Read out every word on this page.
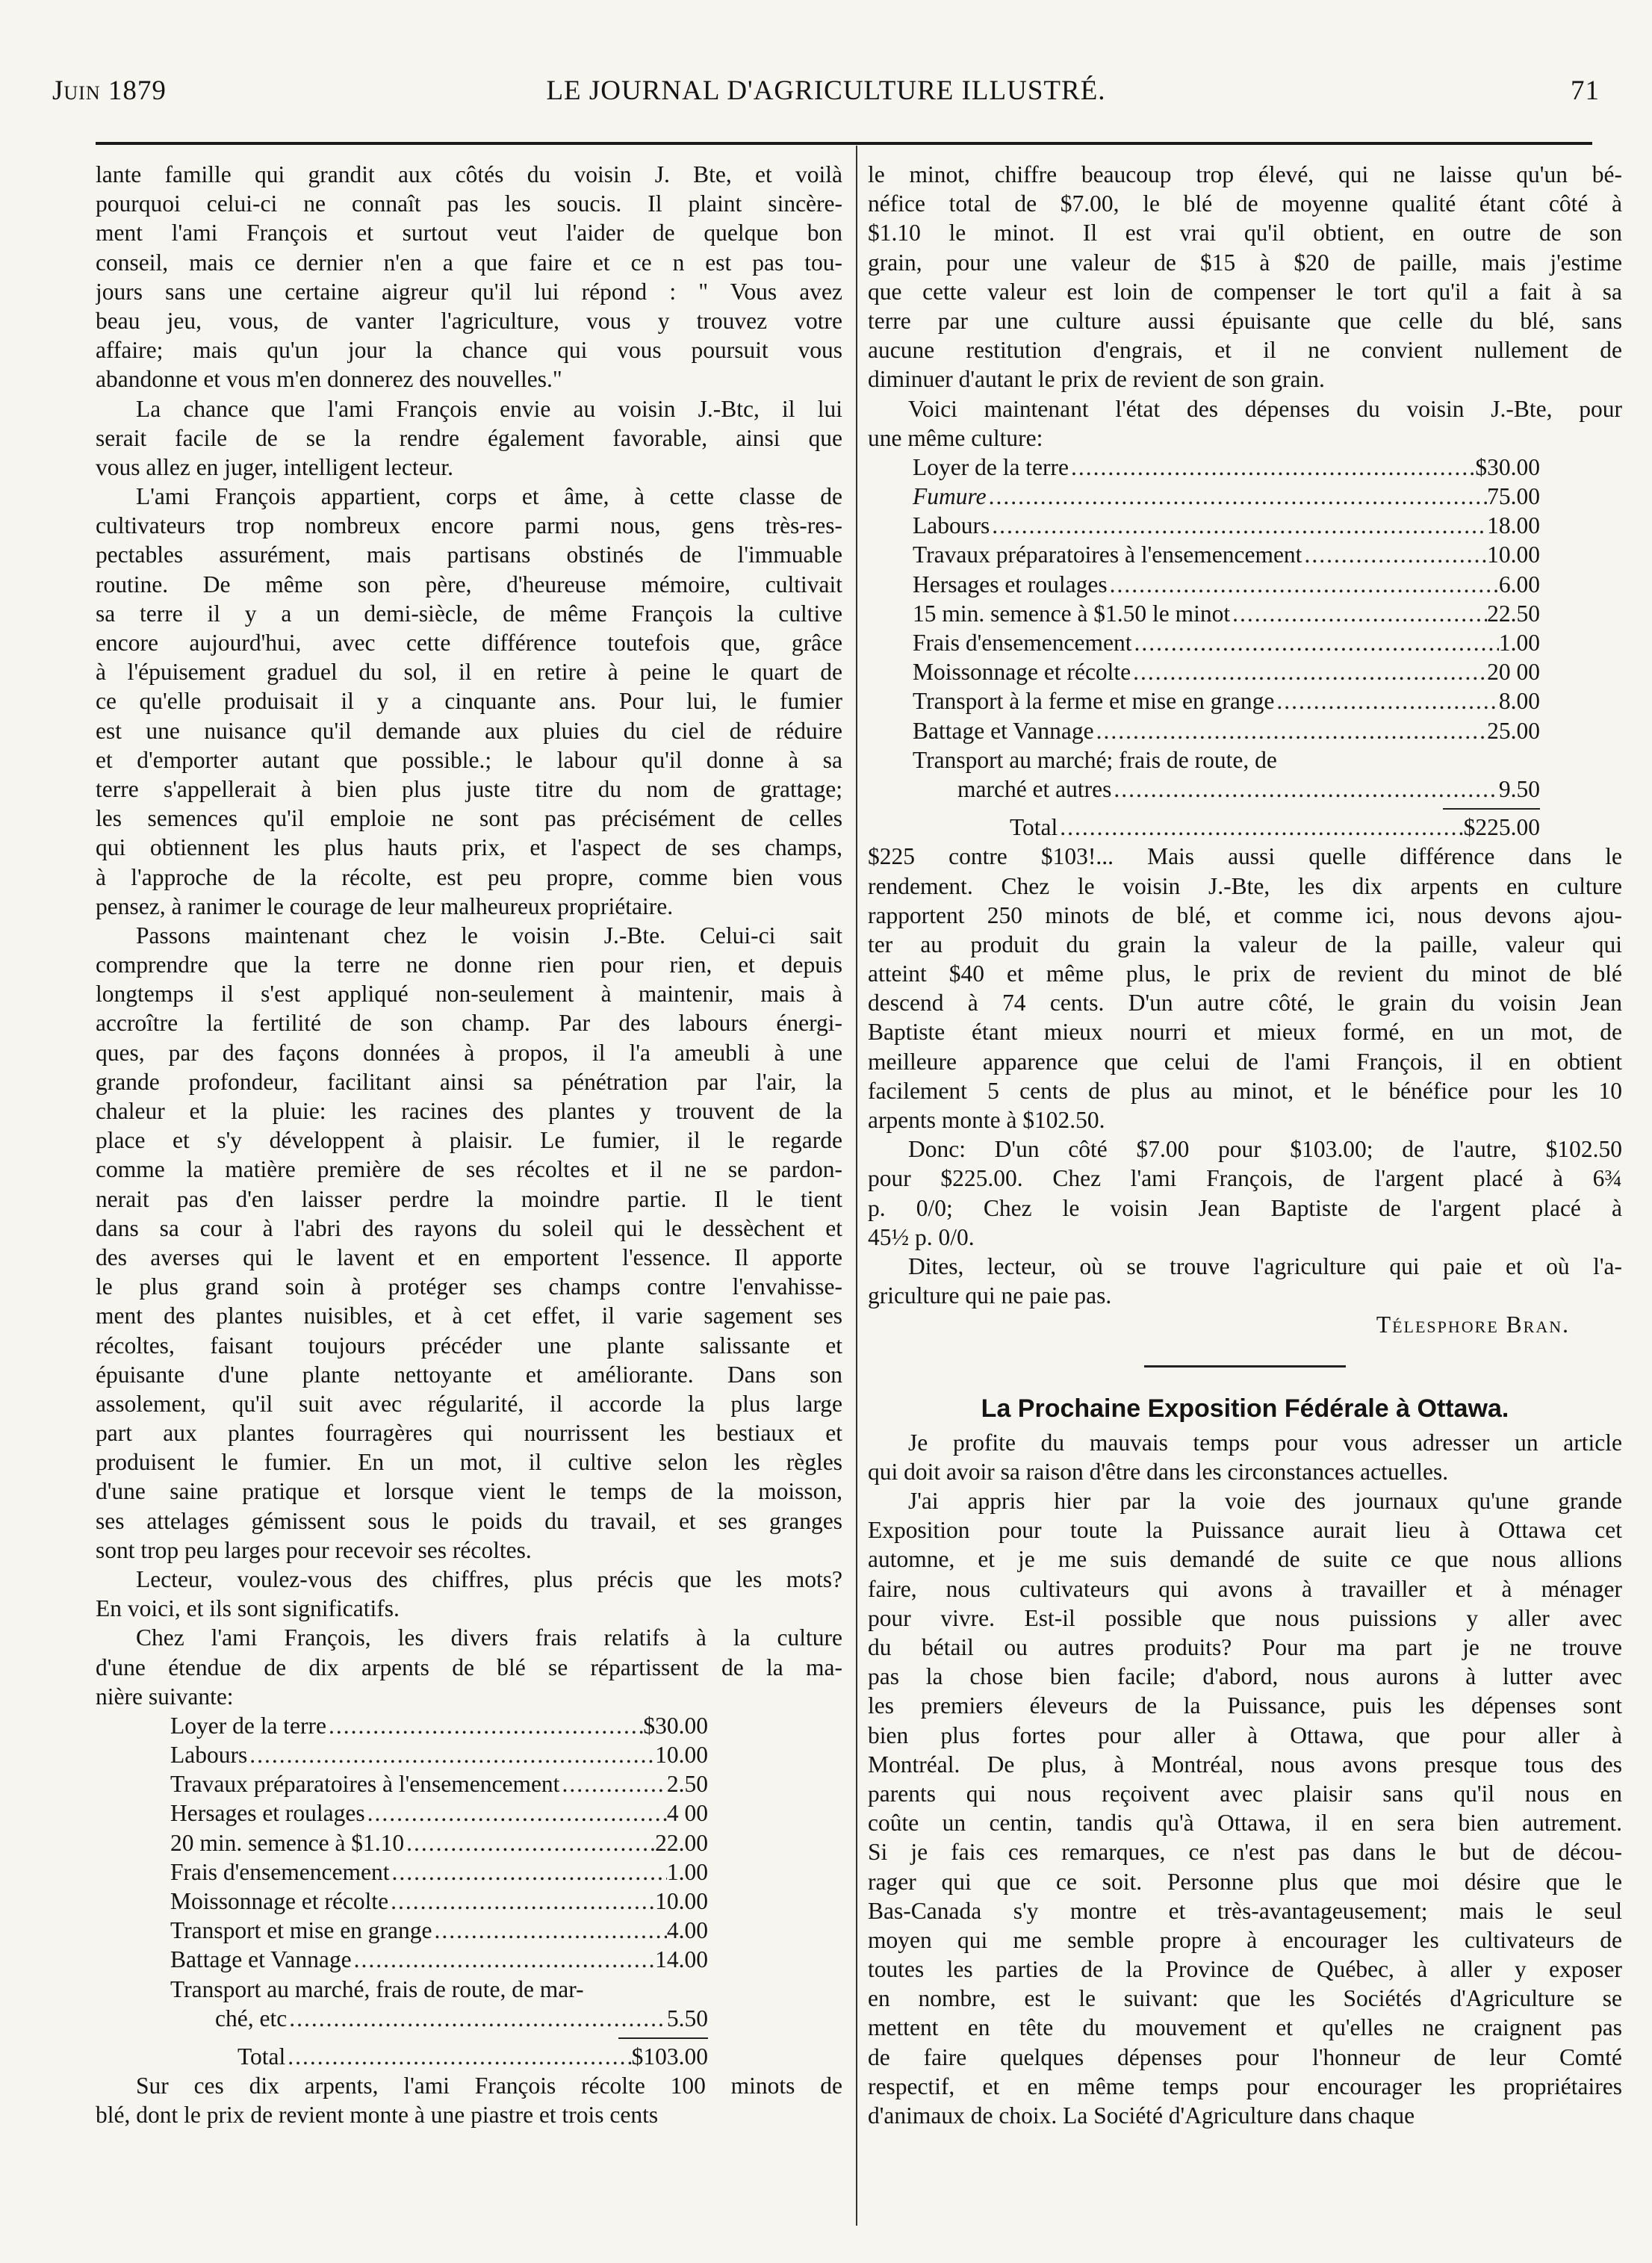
Juin 1879	LE JOURNAL D'AGRICULTURE ILLUSTRÉ.	71
lante famille qui grandit aux côtés du voisin J. Bte, et voilà
pourquoi celui-ci ne connaît pas les soucis. Il plaint sincère-
ment l'ami François et surtout veut l'aider de quelque bon
conseil, mais ce dernier n'en a que faire et ce n est pas tou-
jours sans une certaine aigreur qu'il lui répond : " Vous avez
beau jeu, vous, de vanter l'agriculture, vous y trouvez votre
affaire; mais qu'un jour la chance qui vous poursuit vous
abandonne et vous m'en donnerez des nouvelles."
La chance que l'ami François envie au voisin J.-Btc, il lui
serait facile de se la rendre également favorable, ainsi que
vous allez en juger, intelligent lecteur.
L'ami François appartient, corps et âme, à cette classe de
cultivateurs trop nombreux encore parmi nous, gens très-res-
pectables assurément, mais partisans obstinés de l'immuable
routine. De même son père, d'heureuse mémoire, cultivait
sa terre il y a un demi-siècle, de même François la cultive
encore aujourd'hui, avec cette différence toutefois que, grâce
à l'épuisement graduel du sol, il en retire à peine le quart de
ce qu'elle produisait il y a cinquante ans. Pour lui, le fumier
est une nuisance qu'il demande aux pluies du ciel de réduire
et d'emporter autant que possible.; le labour qu'il donne à sa
terre s'appellerait à bien plus juste titre du nom de grattage;
les semences qu'il emploie ne sont pas précisément de celles
qui obtiennent les plus hauts prix, et l'aspect de ses champs,
à l'approche de la récolte, est peu propre, comme bien vous
pensez, à ranimer le courage de leur malheureux propriétaire.
Passons maintenant chez le voisin J.-Bte. Celui-ci sait
comprendre que la terre ne donne rien pour rien, et depuis
longtemps il s'est appliqué non-seulement à maintenir, mais à
accroître la fertilité de son champ. Par des labours énergi-
ques, par des façons données à propos, il l'a ameubli à une
grande profondeur, facilitant ainsi sa pénétration par l'air, la
chaleur et la pluie: les racines des plantes y trouvent de la
place et s'y développent à plaisir. Le fumier, il le regarde
comme la matière première de ses récoltes et il ne se pardon-
nerait pas d'en laisser perdre la moindre partie. Il le tient
dans sa cour à l'abri des rayons du soleil qui le dessèchent et
des averses qui le lavent et en emportent l'essence. Il apporte
le plus grand soin à protéger ses champs contre l'envahisse-
ment des plantes nuisibles, et à cet effet, il varie sagement ses
récoltes, faisant toujours précéder une plante salissante et
épuisante d'une plante nettoyante et améliorante. Dans son
assolement, qu'il suit avec régularité, il accorde la plus large
part aux plantes fourragères qui nourrissent les bestiaux et
produisent le fumier. En un mot, il cultive selon les règles
d'une saine pratique et lorsque vient le temps de la moisson,
ses attelages gémissent sous le poids du travail, et ses granges
sont trop peu larges pour recevoir ses récoltes.
Lecteur, voulez-vous des chiffres, plus précis que les mots?
En voici, et ils sont significatifs.
Chez l'ami François, les divers frais relatifs à la culture
d'une étendue de dix arpents de blé se répartissent de la ma-
nière suivante:
Loyer de la terre .....	$30.00
Labours .....	10.00
Travaux préparatoires à l'ensemencement .....	2.50
Hersages et roulages .....	4 00
20 min. semence à $1.10 .....	22.00
Frais d'ensemencement .....	1.00
Moissonnage et récolte .....	10.00
Transport et mise en grange .....	4.00
Battage et Vannage .....	14.00
Transport au marché, frais de route, de mar-
ché, etc .....	5.50
Total .....	$103.00
Sur ces dix arpents, l'ami François récolte 100 minots de
blé, dont le prix de revient monte à une piastre et trois cents
le minot, chiffre beaucoup trop élevé, qui ne laisse qu'un bé-
néfice total de $7.00, le blé de moyenne qualité étant côté à
$1.10 le minot. Il est vrai qu'il obtient, en outre de son
grain, pour une valeur de $15 à $20 de paille, mais j'estime
que cette valeur est loin de compenser le tort qu'il a fait à sa
terre par une culture aussi épuisante que celle du blé, sans
aucune restitution d'engrais, et il ne convient nullement de
diminuer d'autant le prix de revient de son grain.
Voici maintenant l'état des dépenses du voisin J.-Bte, pour
une même culture:
Loyer de la terre .....	$30.00
Fumure .....	75.00
Labours .....	18.00
Travaux préparatoires à l'ensemencement .....	10.00
Hersages et roulages .....	6.00
15 min. semence à $1.50 le minot .....	22.50
Frais d'ensemencement .....	1.00
Moissonnage et récolte .....	20 00
Transport à la ferme et mise en grange .....	8.00
Battage et Vannage .....	25.00
Transport au marché; frais de route, de
marché et autres .....	9.50
Total .....	$225.00
$225 contre $103!... Mais aussi quelle différence dans le
rendement. Chez le voisin J.-Bte, les dix arpents en culture
rapportent 250 minots de blé, et comme ici, nous devons ajou-
ter au produit du grain la valeur de la paille, valeur qui
atteint $40 et même plus, le prix de revient du minot de blé
descend à 74 cents. D'un autre côté, le grain du voisin Jean
Baptiste étant mieux nourri et mieux formé, en un mot, de
meilleure apparence que celui de l'ami François, il en obtient
facilement 5 cents de plus au minot, et le bénéfice pour les 10
arpents monte à $102.50.
Donc: D'un côté $7.00 pour $103.00; de l'autre, $102.50
pour $225.00. Chez l'ami François, de l'argent placé à 6¾
p. 0/0; Chez le voisin Jean Baptiste de l'argent placé à
45½ p. 0/0.
Dites, lecteur, où se trouve l'agriculture qui paie et où l'a-
griculture qui ne paie pas.
Télesphore Bran.
La Prochaine Exposition Fédérale à Ottawa.
Je profite du mauvais temps pour vous adresser un article
qui doit avoir sa raison d'être dans les circonstances actuelles.
J'ai appris hier par la voie des journaux qu'une grande
Exposition pour toute la Puissance aurait lieu à Ottawa cet
automne, et je me suis demandé de suite ce que nous allions
faire, nous cultivateurs qui avons à travailler et à ménager
pour vivre. Est-il possible que nous puissions y aller avec
du bétail ou autres produits? Pour ma part je ne trouve
pas la chose bien facile; d'abord, nous aurons à lutter avec
les premiers éleveurs de la Puissance, puis les dépenses sont
bien plus fortes pour aller à Ottawa, que pour aller à
Montréal. De plus, à Montréal, nous avons presque tous des
parents qui nous reçoivent avec plaisir sans qu'il nous en
coûte un centin, tandis qu'à Ottawa, il en sera bien autrement.
Si je fais ces remarques, ce n'est pas dans le but de décou-
rager qui que ce soit. Personne plus que moi désire que le
Bas-Canada s'y montre et très-avantageusement; mais le seul
moyen qui me semble propre à encourager les cultivateurs de
toutes les parties de la Province de Québec, à aller y exposer
en nombre, est le suivant: que les Sociétés d'Agriculture se
mettent en tête du mouvement et qu'elles ne craignent pas
de faire quelques dépenses pour l'honneur de leur Comté
respectif, et en même temps pour encourager les propriétaires
d'animaux de choix. La Société d'Agriculture dans chaque
